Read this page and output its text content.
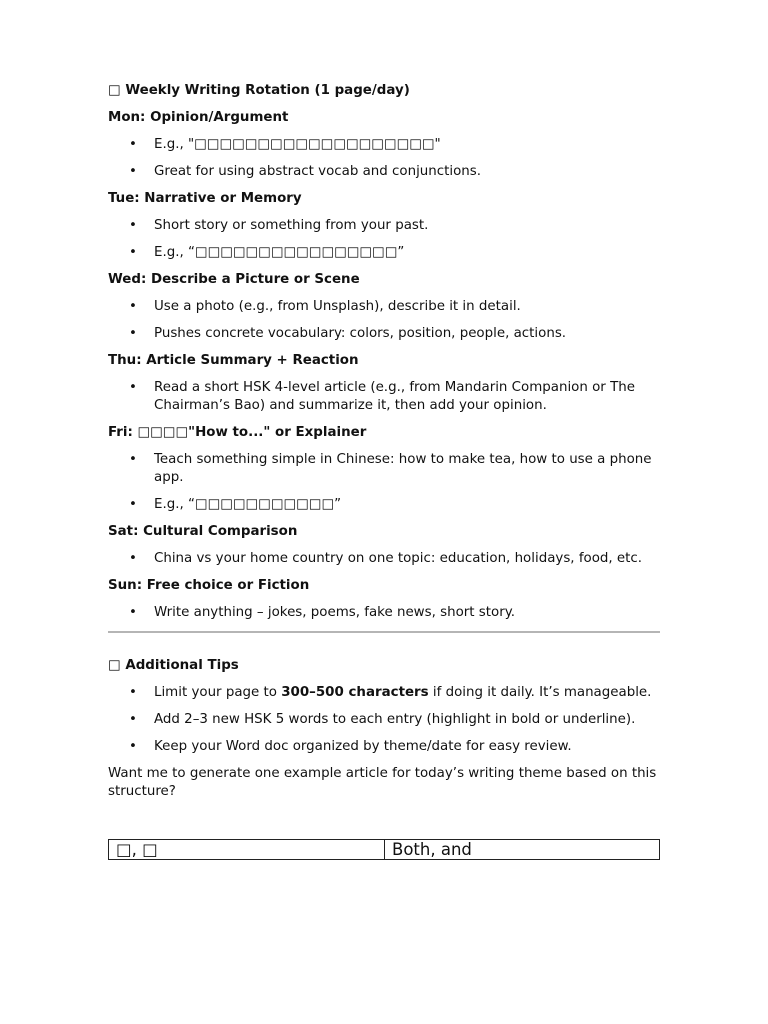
□ Weekly Writing Rotation (1 page/day)
Mon: Opinion/Argument
• E.g., "□□□□□□□□□□□□□□□□□□□"
• Great for using abstract vocab and conjunctions.
Tue: Narrative or Memory
• Short story or something from your past.
• E.g., “□□□□□□□□□□□□□□□□”
Wed: Describe a Picture or Scene
• Use a photo (e.g., from Unsplash), describe it in detail.
• Pushes concrete vocabulary: colors, position, people, actions.
Thu: Article Summary + Reaction
• Read a short HSK 4-level article (e.g., from Mandarin Companion or The Chairman’s Bao) and summarize it, then add your opinion.
Fri: □□□□"How to..." or Explainer
• Teach something simple in Chinese: how to make tea, how to use a phone app.
• E.g., “□□□□□□□□□□□”
Sat: Cultural Comparison
• China vs your home country on one topic: education, holidays, food, etc.
Sun: Free choice or Fiction
• Write anything – jokes, poems, fake news, short story.
□ Additional Tips
• Limit your page to 300–500 characters if doing it daily. It’s manageable.
• Add 2–3 new HSK 5 words to each entry (highlight in bold or underline).
• Keep your Word doc organized by theme/date for easy review.
Want me to generate one example article for today’s writing theme based on this structure?
□, □	Both, and
